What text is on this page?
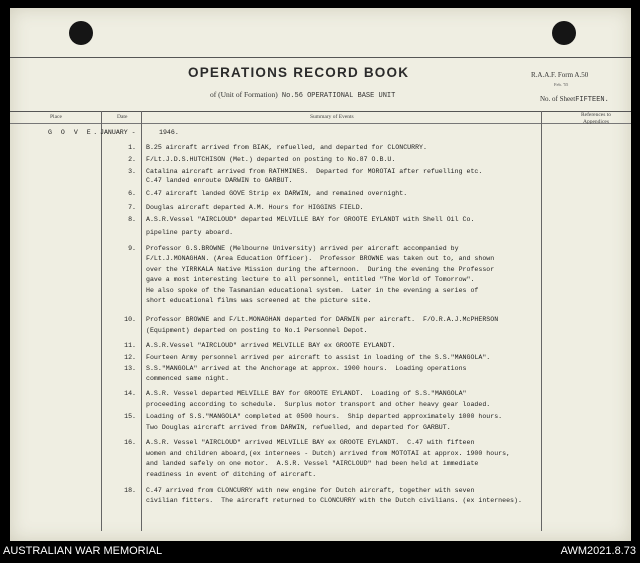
OPERATIONS RECORD BOOK
of (Unit of Formation) No.56 OPERATIONAL BASE UNIT
R.A.A.F. Form A.50
Feb. '55
No. of SheetFIFTEEN.
Place	Date	Summary of Events	References to Appendices
G O V E. JANUARY -	1946.
1. B.25 aircraft arrived from BIAK, refuelled, and departed for CLONCURRY.
2. F/Lt.J.D.S.HUTCHISON (Met.) departed on posting to No.87 O.B.U.
3. Catalina aircraft arrived from RATHMINES.  Departed for MOROTAI after refuelling etc.
C.47 landed enroute DARWIN to GARBUT.
6. C.47 aircraft landed GOVE Strip ex DARWIN, and remained overnight.
7. Douglas aircraft departed A.M. Hours for HIGGINS FIELD.
8. A.S.R.Vessel "AIRCLOUD" departed MELVILLE BAY for GROOTE EYLANDT with Shell Oil Co.
pipeline party aboard.
9. Professor G.S.BROWNE (Melbourne University) arrived per aircraft accompanied by
F/Lt.J.MONAGHAN. (Area Education Officer).  Professor BROWNE was taken out to, and shown
over the YIRRKALA Native Mission during the afternoon.  During the evening the Professor
gave a most interesting lecture to all personnel, entitled "The World of Tomorrow".
He also spoke of the Tasmanian educational system.  Later in the evening a series of
short educational films was screened at the picture site.
10. Professor BROWNE and F/Lt.MONAGHAN departed for DARWIN per aircraft.  F/O.R.A.J.McPHERSON
(Equipment) departed on posting to No.1 Personnel Depot.
11. A.S.R.Vessel "AIRCLOUD" arrived MELVILLE BAY ex GROOTE EYLANDT.
12. Fourteen Army personnel arrived per aircraft to assist in loading of the S.S."MANGOLA".
13. S.S."MANGOLA" arrived at the Anchorage at approx. 1900 hours.  Loading operations
commenced same night.
14. A.S.R. Vessel departed MELVILLE BAY for GROOTE EYLANDT.  Loading of S.S."MANGOLA"
proceeding according to schedule.  Surplus motor transport and other heavy gear loaded.
15. Loading of S.S."MANGOLA" completed at 0500 hours.  Ship departed approximately 1000 hours.
Two Douglas aircraft arrived from DARWIN, refuelled, and departed for GARBUT.
16. A.S.R. Vessel "AIRCLOUD" arrived MELVILLE BAY ex GROOTE EYLANDT.  C.47 with fifteen
women and children aboard,(ex internees - Dutch) arrived from MOTOTAI at approx. 1900 hours,
and landed safely on one motor.  A.S.R. Vessel "AIRCLOUD" had been held at immediate
readiness in event of ditching of aircraft.
18. C.47 arrived from CLONCURRY with new engine for Dutch aircraft, together with seven
civilian fitters.  The aircraft returned to CLONCURRY with the Dutch civilians. (ex internees).
AUSTRALIAN WAR MEMORIAL	AWM2021.8.73
